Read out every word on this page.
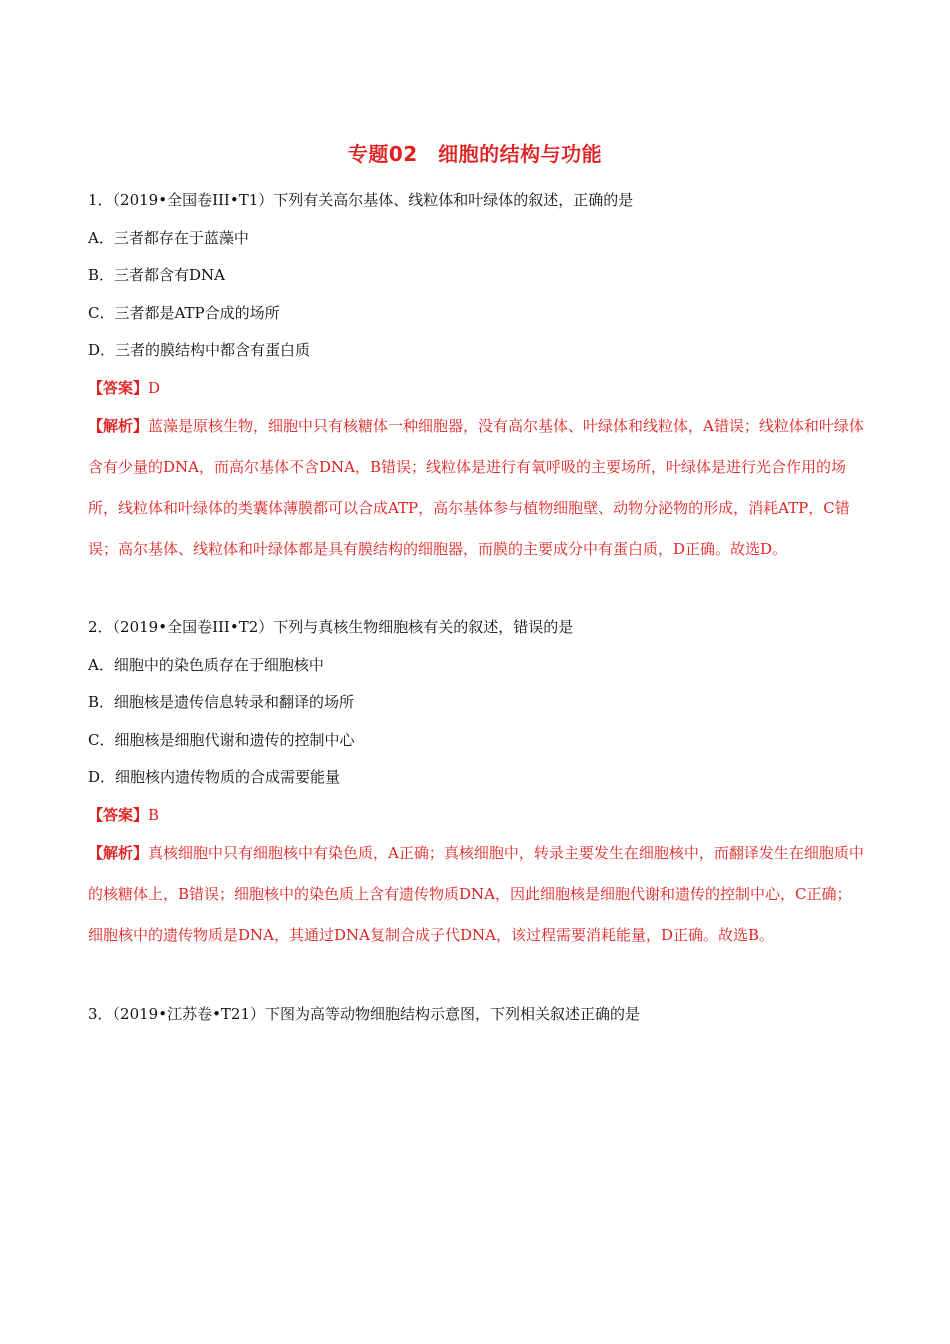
专题02　细胞的结构与功能
1．（2019•全国卷III•T1）下列有关高尔基体、线粒体和叶绿体的叙述，正确的是
A．三者都存在于蓝藻中
B．三者都含有DNA
C．三者都是ATP合成的场所
D．三者的膜结构中都含有蛋白质
【答案】D
【解析】蓝藻是原核生物，细胞中只有核糖体一种细胞器，没有高尔基体、叶绿体和线粒体，A错误；线粒体和叶绿体含有少量的DNA，而高尔基体不含DNA，B错误；线粒体是进行有氧呼吸的主要场所，叶绿体是进行光合作用的场所，线粒体和叶绿体的类囊体薄膜都可以合成ATP，高尔基体参与植物细胞壁、动物分泌物的形成，消耗ATP，C错误；高尔基体、线粒体和叶绿体都是具有膜结构的细胞器，而膜的主要成分中有蛋白质，D正确。故选D。
2．（2019•全国卷III•T2）下列与真核生物细胞核有关的叙述，错误的是
A．细胞中的染色质存在于细胞核中
B．细胞核是遗传信息转录和翻译的场所
C．细胞核是细胞代谢和遗传的控制中心
D．细胞核内遗传物质的合成需要能量
【答案】B
【解析】真核细胞中只有细胞核中有染色质，A正确；真核细胞中，转录主要发生在细胞核中，而翻译发生在细胞质中的核糖体上，B错误；细胞核中的染色质上含有遗传物质DNA，因此细胞核是细胞代谢和遗传的控制中心，C正确；细胞核中的遗传物质是DNA，其通过DNA复制合成子代DNA，该过程需要消耗能量，D正确。故选B。
3．（2019•江苏卷•T21）下图为高等动物细胞结构示意图，下列相关叙述正确的是
